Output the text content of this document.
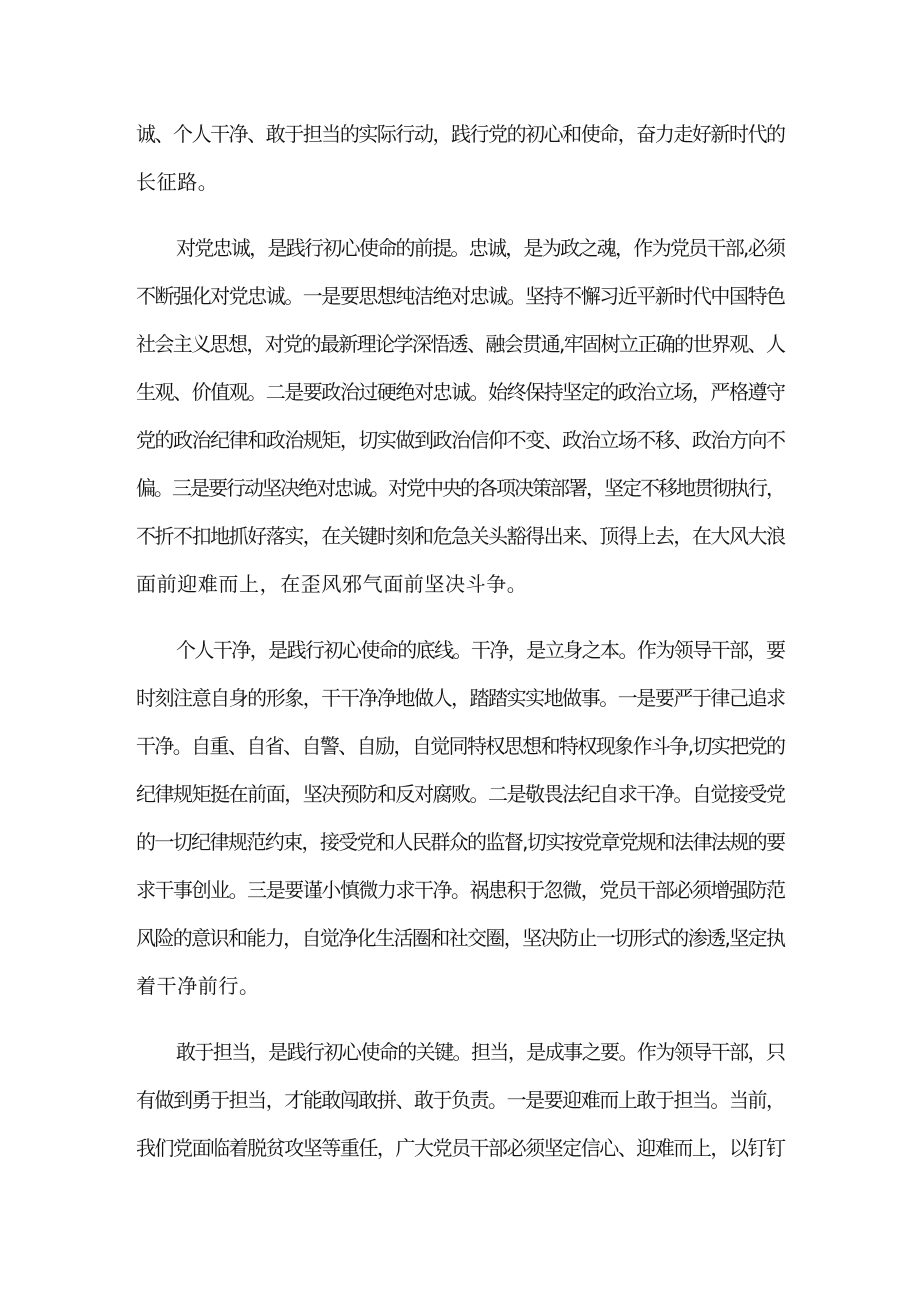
诚、个人干净、敢于担当的实际行动，践行党的初心和使命，奋力走好新时代的
长征路。
对党忠诚，是践行初心使命的前提。忠诚，是为政之魂，作为党员干部,必须
不断强化对党忠诚。一是要思想纯洁绝对忠诚。坚持不懈习近平新时代中国特色
社会主义思想，对党的最新理论学深悟透、融会贯通,牢固树立正确的世界观、人
生观、价值观。二是要政治过硬绝对忠诚。始终保持坚定的政治立场，严格遵守
党的政治纪律和政治规矩，切实做到政治信仰不变、政治立场不移、政治方向不
偏。三是要行动坚决绝对忠诚。对党中央的各项决策部署，坚定不移地贯彻执行，
不折不扣地抓好落实，在关键时刻和危急关头豁得出来、顶得上去，在大风大浪
面前迎难而上，在歪风邪气面前坚决斗争。
个人干净，是践行初心使命的底线。干净，是立身之本。作为领导干部，要
时刻注意自身的形象，干干净净地做人，踏踏实实地做事。一是要严于律己追求
干净。自重、自省、自警、自励，自觉同特权思想和特权现象作斗争,切实把党的
纪律规矩挺在前面，坚决预防和反对腐败。二是敬畏法纪自求干净。自觉接受党
的一切纪律规范约束，接受党和人民群众的监督,切实按党章党规和法律法规的要
求干事创业。三是要谨小慎微力求干净。祸患积于忽微，党员干部必须增强防范
风险的意识和能力，自觉净化生活圈和社交圈，坚决防止一切形式的渗透,坚定执
着干净前行。
敢于担当，是践行初心使命的关键。担当，是成事之要。作为领导干部，只
有做到勇于担当，才能敢闯敢拼、敢于负责。一是要迎难而上敢于担当。当前，
我们党面临着脱贫攻坚等重任，广大党员干部必须坚定信心、迎难而上，以钉钉
